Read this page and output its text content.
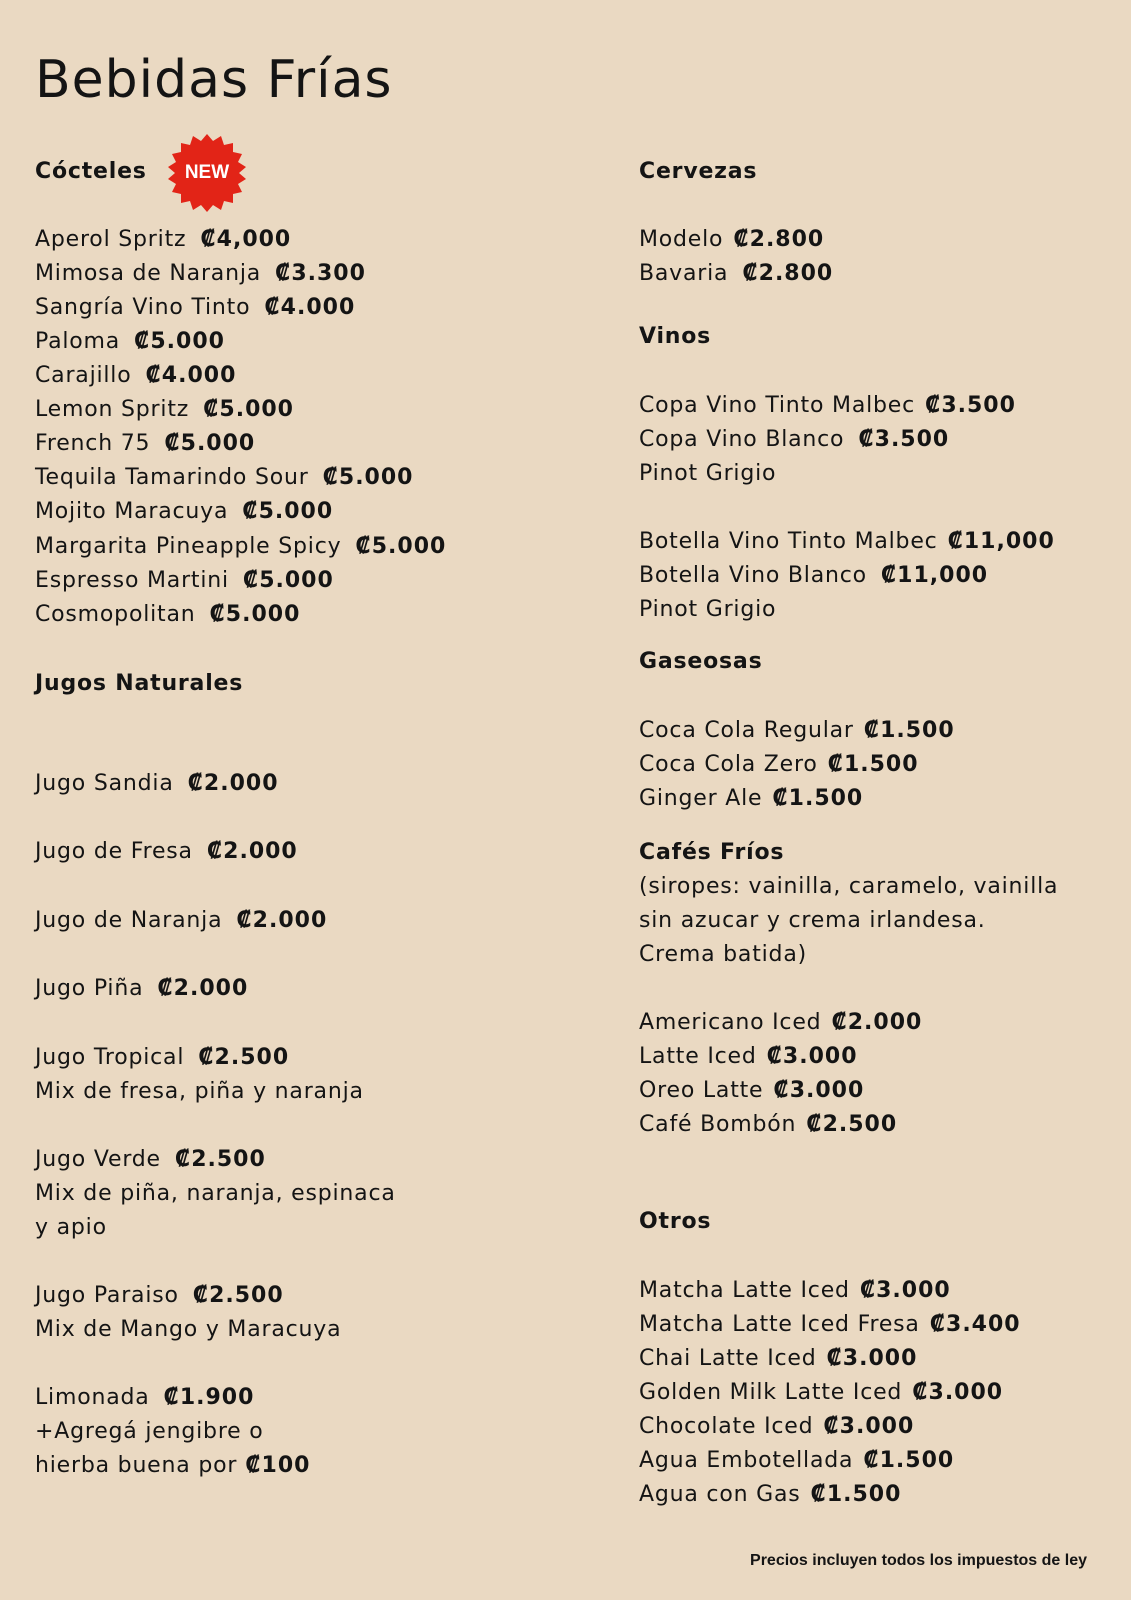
Bebidas Frías
Cócteles	NEW
Aperol Spritz ₡4,000
Mimosa de Naranja ₡3.300
Sangría Vino Tinto ₡4.000
Paloma ₡5.000
Carajillo ₡4.000
Lemon Spritz ₡5.000
French 75 ₡5.000
Tequila Tamarindo Sour ₡5.000
Mojito Maracuya ₡5.000
Margarita Pineapple Spicy ₡5.000
Espresso Martini ₡5.000
Cosmopolitan ₡5.000
Jugos Naturales
Jugo Sandia ₡2.000
Jugo de Fresa ₡2.000
Jugo de Naranja ₡2.000
Jugo Piña ₡2.000
Jugo Tropical ₡2.500
Mix de fresa, piña y naranja
Jugo Verde ₡2.500
Mix de piña, naranja, espinaca
y apio
Jugo Paraiso ₡2.500
Mix de Mango y Maracuya
Limonada ₡1.900
+Agregá jengibre o
hierba buena por ₡100
Cervezas
Modelo ₡2.800
Bavaria ₡2.800
Vinos
Copa Vino Tinto Malbec ₡3.500
Copa Vino Blanco ₡3.500
Pinot Grigio
Botella Vino Tinto Malbec ₡11,000
Botella Vino Blanco ₡11,000
Pinot Grigio
Gaseosas
Coca Cola Regular ₡1.500
Coca Cola Zero ₡1.500
Ginger Ale ₡1.500
Cafés Fríos
(siropes: vainilla, caramelo, vainilla
sin azucar y crema irlandesa.
Crema batida)
Americano Iced ₡2.000
Latte Iced ₡3.000
Oreo Latte ₡3.000
Café Bombón ₡2.500
Otros
Matcha Latte Iced ₡3.000
Matcha Latte Iced Fresa ₡3.400
Chai Latte Iced ₡3.000
Golden Milk Latte Iced ₡3.000
Chocolate Iced ₡3.000
Agua Embotellada ₡1.500
Agua con Gas ₡1.500
Precios incluyen todos los impuestos de ley
